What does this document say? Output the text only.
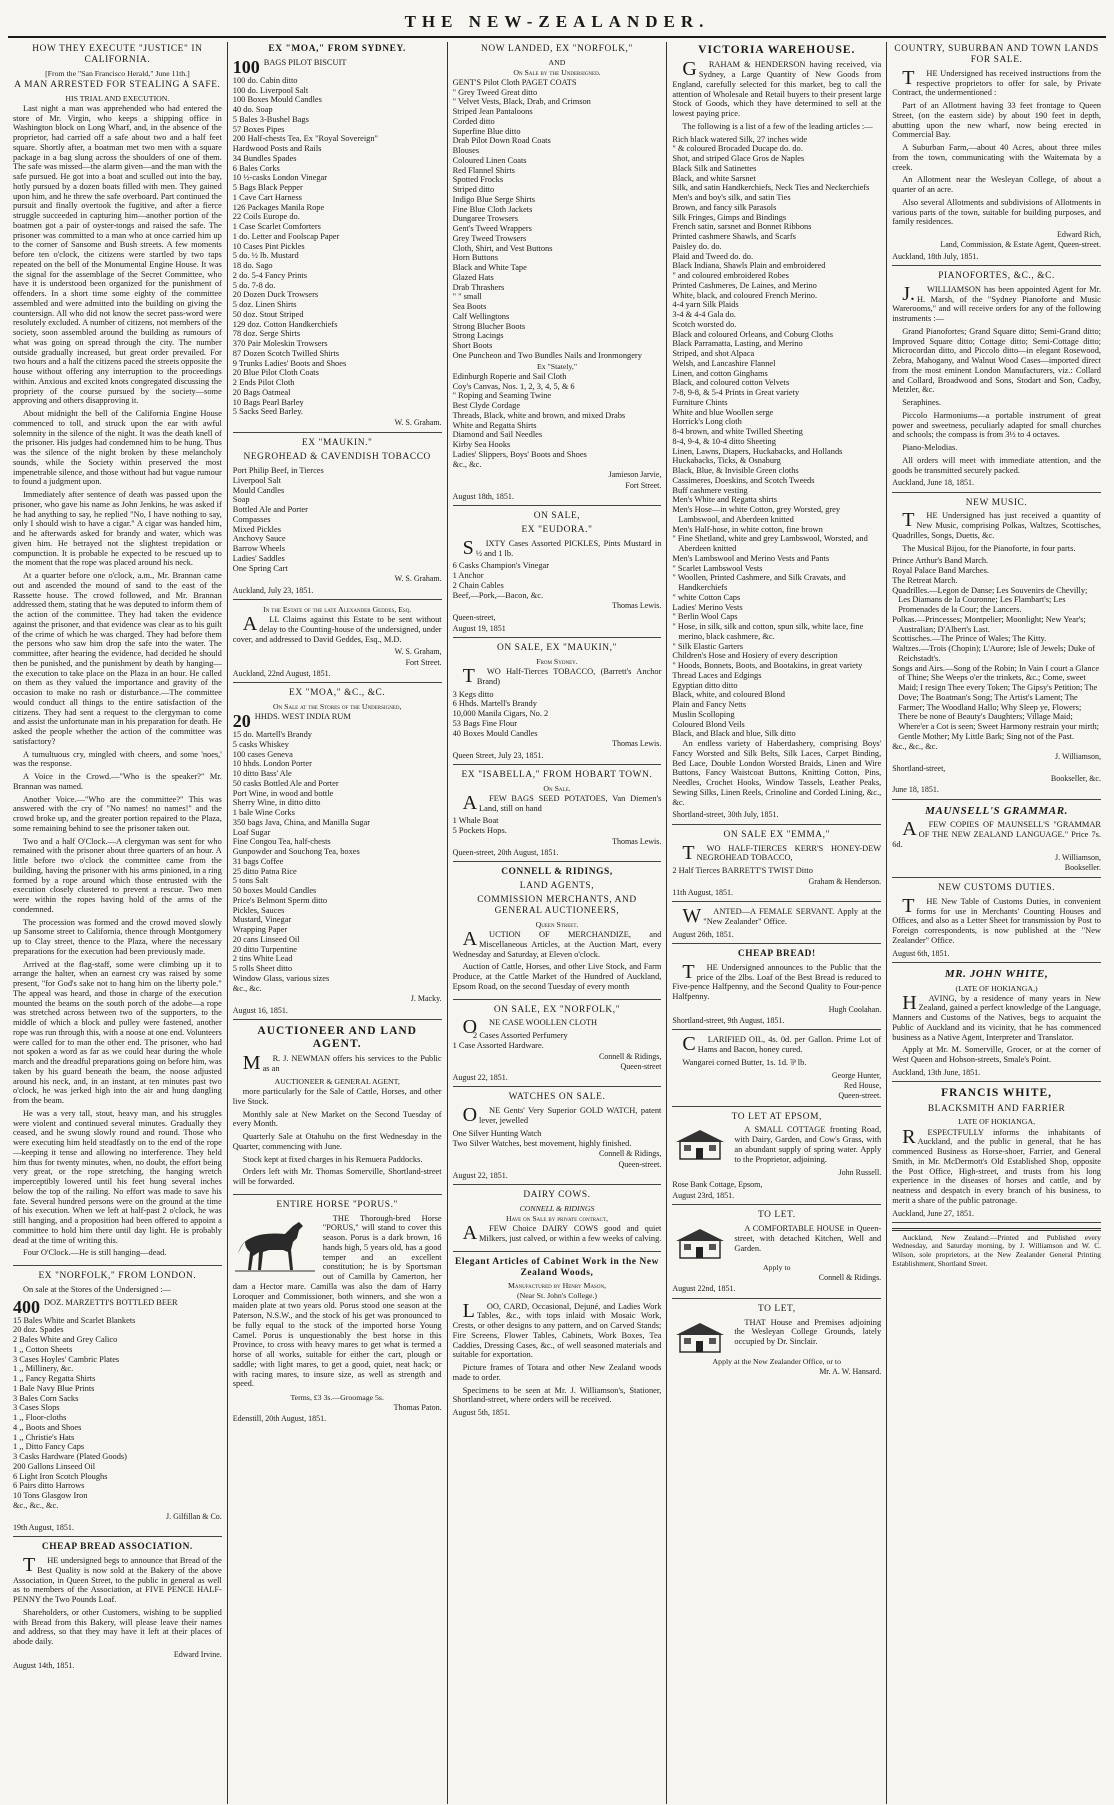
THE NEW-ZEALANDER.
HOW THEY EXECUTE "JUSTICE" IN CALIFORNIA.
[From the "San Francisco Herald," June 11th.]
A MAN ARRESTED FOR STEALING A SAFE.
HIS TRIAL AND EXECUTION.

Last night a man was apprehended who had entered the store of Mr. Virgin, who keeps a shipping office in Washington block on Long Wharf, and, in the absence of the proprietor, had carried off a safe about two and a half feet square. Shortly after, a boatman met two men with a square package in a bag slung across the shoulders of one of them. The safe was missed—the alarm given—and the man with the safe pursued. He got into a boat and sculled out into the bay, hotly pursued by a dozen boats filled with men. They gained upon him, and he threw the safe overboard. Part continued the pursuit and finally overtook the fugitive, and after a fierce struggle succeeded in capturing him—another portion of the boatmen got a pair of oyster-tongs and raised the safe. The prisoner was committed to a man who at once carried him up to the corner of Sansome and Bush streets. A few moments before ten o'clock, the citizens were startled by two taps repeated on the bell of the Monumental Engine House. It was the signal for the assemblage of the Secret Committee, who have it is understood been organized for the punishment of offenders. In a short time some eighty of the committee assembled and were admitted into the building on giving the countersign. All who did not know the secret pass-word were resolutely excluded. A number of citizens, not members of the society, soon assembled around the building as rumours of what was going on spread through the city. The number outside gradually increased, but great order prevailed. For two hours and a half the citizens paced the streets opposite the house without offering any interruption to the proceedings within. Anxious and excited knots congregated discussing the propriety of the course pursued by the society—some approving and others disapproving it.

About midnight the bell of the California Engine House commenced to toll, and struck upon the ear with awful solemnity in the silence of the night. It was the death knell of the prisoner. His judges had condemned him to be hung. Thus was the silence of the night broken by these melancholy sounds, while the Society within preserved the most impenetrable silence, and those without had but vague rumour to found a judgment upon.

Immediately after sentence of death was passed upon the prisoner, who gave his name as John Jenkins, he was asked if he had anything to say, he replied "No, I have nothing to say, only I should wish to have a cigar." A cigar was handed him, and he afterwards asked for brandy and water, which was given him. He betrayed not the slightest trepidation or compunction. It is probable he expected to be rescued up to the moment that the rope was placed around his neck.

At a quarter before one o'clock, a.m., Mr. Brannan came out and ascended the mound of sand to the east of the Rassette house. The crowd followed, and Mr. Brannan addressed them, stating that he was deputed to inform them of the action of the committee. They had taken the evidence against the prisoner, and that evidence was clear as to his guilt of the crime of which he was charged. They had before them the persons who saw him drop the safe into the water. The committee, after hearing the evidence, had decided he should then be punished, and the punishment by death by hanging—the execution to take place on the Plaza in an hour. He called on them as they valued the importance and gravity of the occasion to make no rash or disturbance.—The committee would conduct all things to the entire satisfaction of the citizens. They had sent a request to the clergyman to come and assist the unfortunate man in his preparation for death. He asked the people whether the action of the committee was satisfactory?

A tumultuous cry, mingled with cheers, and some 'noes,' was the response.

A Voice in the Crowd.—"Who is the speaker?" Mr. Brannan was named.

Another Voice.—"Who are the committee?" This was answered with the cry of "No names! no names!" and the crowd broke up, and the greater portion repaired to the Plaza, some remaining behind to see the prisoner taken out.

Two and a half O'Clock.—A clergyman was sent for who remained with the prisoner about three quarters of an hour. A little before two o'clock the committee came from the building, having the prisoner with his arms pinioned, in a ring formed by a rope around which those entrusted with the execution closely clustered to prevent a rescue. Two men were within the ropes having hold of the arms of the condemned.

The procession was formed and the crowd moved slowly up Sansome street to California, thence through Montgomery up to Clay street, thence to the Plaza, where the necessary preparations for the execution had been previously made.

Arrived at the flag-staff, some were climbing up it to arrange the halter, when an earnest cry was raised by some present, "for God's sake not to hang him on the liberty pole." The appeal was heard, and those in charge of the execution mounted the beams on the south porch of the adobe—a rope was stretched across between two of the supporters, to the middle of which a block and pulley were fastened, another rope was run through this, with a noose at one end. Volunteers were called for to man the other end. The prisoner, who had not spoken a word as far as we could hear during the whole march and the dreadful preparations going on before him, was taken by his guard beneath the beam, the noose adjusted around his neck, and, in an instant, at ten minutes past two o'clock, he was jerked high into the air and hung dangling from the beam.

He was a very tall, stout, heavy man, and his struggles were violent and continued several minutes. Gradually they ceased, and he swung slowly round and round. Those who were executing him held steadfastly on to the end of the rope—keeping it tense and allowing no interference. They held him thus for twenty minutes, when, no doubt, the effort being very great, or the rope stretching, the hanging wretch imperceptibly lowered until his feet hung several inches below the top of the railing. No effort was made to save his fate. Several hundred persons were on the ground at the time of his execution. When we left at half-past 2 o'clock, he was still hanging, and a proposition had been offered to appoint a committee to hold him there until day light. He is probably dead at the time of writing this.

Four O'Clock.—He is still hanging—dead.

EX "NORFOLK," FROM LONDON.

On sale at the Stores of the Undersigned :—

400 DOZ. MARZETTI'S BOTTLED BEER
15 Bales White and Scarlet Blankets
20 doz. Spades
2 Bales White and Grey Calico
1 ,, Cotton Sheets
3 Cases Hoyles' Cambric Plates
1 ,, Millinery, &c.
1 ,, Fancy Regatta Shirts
1 Bale Navy Blue Prints
3 Bales Corn Sacks
3 Cases Slops
1 ,, Floor-cloths
4 ,, Boots and Shoes
1 ,, Christie's Hats
1 ,, Ditto Fancy Caps
3 Casks Hardware (Plated Goods)
200 Gallons Linseed Oil
6 Light Iron Scotch Ploughs
6 Pairs ditto Harrows
10 Tons Glasgow Iron
&c., &c., &c.
J. Gilfillan & Co.
19th August, 1851.
CHEAP BREAD ASSOCIATION.

THE undersigned begs to announce that Bread of the Best Quality is now sold at the Bakery of the above Association, in Queen Street, to the public in general as well as to members of the Association, at FIVE PENCE HALF-PENNY the Two Pounds Loaf.

Shareholders, or other Customers, wishing to be supplied with Bread from this Bakery, will please leave their names and address, so that they may have it left at their places of abode daily.

Edward Irvine.
August 14th, 1851.
EX "MOA," FROM SYDNEY.
100 BAGS PILOT BISCUIT
100 do. Cabin ditto
100 do. Liverpool Salt
100 Boxes Mould Candles
40 do. Soap
5 Bales 3-Bushel Bags
57 Boxes Pipes
200 Half-chests Tea, Ex "Royal Sovereign"
Hardwood Posts and Rails
34 Bundles Spades
6 Bales Corks
10 ½-casks London Vinegar
5 Bags Black Pepper
1 Cave Cart Harness
126 Packages Manila Rope
22 Coils Europe do.
1 Case Scarlet Comforters
1 do. Letter and Foolscap Paper
10 Cases Pint Pickles
5 do. ½ lb. Mustard
18 do. Sago
2 do. 5-4 Fancy Prints
5 do. 7-8 do.
20 Dozen Duck Trowsers
5 doz. Linen Shirts
50 doz. Stout Striped
129 doz. Cotton Handkerchiefs
78 doz. Serge Shirts
370 Pair Moleskin Trowsers
87 Dozen Scotch Twilled Shirts
9 Trunks Ladies' Boots and Shoes
20 Blue Pilot Cloth Coats
2 Ends Pilot Cloth
20 Bags Oatmeal
10 Bags Pearl Barley
5 Sacks Seed Barley.
W. S. Graham.
EX "MAUKIN."
NEGROHEAD & CAVENDISH TOBACCO
Port Philip Beef, in Tierces
Liverpool Salt
Mould Candles
Soap
Bottled Ale and Porter
Compasses
Mixed Pickles
Anchovy Sauce
Barrow Wheels
Ladies' Saddles
One Spring Cart
W. S. Graham.
Auckland, July 23, 1851.
In the Estate of the late Alexander Geddes, Esq.

ALL Claims against this Estate to be sent without delay to the Counting-house of the undersigned, under cover, and addressed to David Geddes, Esq., M.D.

W. S. Graham,
Fort Street.
Auckland, 22nd August, 1851.
EX "MOA," &C., &C.
On Sale at the Stores of the Undersigned,
20 HHDS. WEST INDIA RUM
15 do. Martell's Brandy
5 casks Whiskey
100 cases Geneva
10 hhds. London Porter
10 ditto Bass' Ale
50 casks Bottled Ale and Porter
Port Wine, in wood and bottle
Sherry Wine, in ditto ditto
1 bale Wine Corks
350 bags Java, China, and Manilla Sugar
Loaf Sugar
Fine Congou Tea, half-chests
Gunpowder and Souchong Tea, boxes
31 bags Coffee
25 ditto Patna Rice
5 tons Salt
50 boxes Mould Candles
Price's Belmont Sperm ditto
Pickles, Sauces
Mustard, Vinegar
Wrapping Paper
20 cans Linseed Oil
20 ditto Turpentine
2 tins White Lead
5 rolls Sheet ditto
Window Glass, various sizes
&c., &c.
J. Macky.
August 16, 1851.
AUCTIONEER AND LAND AGENT.

MR. J. NEWMAN offers his services to the Public as an

AUCTIONEER & GENERAL AGENT,

more particularly for the Sale of Cattle, Horses, and other live Stock.

Monthly sale at New Market on the Second Tuesday of every Month.

Quarterly Sale at Otahuhu on the first Wednesday in the Quarter, commencing with June.

Stock kept at fixed charges in his Remuera Paddocks.

Orders left with Mr. Thomas Somerville, Shortland-street will be forwarded.

ENTIRE HORSE "PORUS."

THE Thorough-bred Horse "PORUS," will stand to cover this season. Porus is a dark brown, 16 hands high, 5 years old, has a good temper and an excellent constitution; he is by Sportsman out of Camilla by Camerton, her dam a Hector mare. Camilla was also the dam of Harry Loroquer and Commissioner, both winners, and she won a maiden plate at two years old. Porus stood one season at the Paterson, N.S.W., and the stock of his get was pronounced to be fully equal to the stock of the imported horse Young Camel. Porus is unquestionably the best horse in this Province, to cross with heavy mares to get what is termed a horse of all works, suitable for either the cart, plough or saddle; with light mares, to get a good, quiet, neat hack; or with racing mares, to insure size, as well as strength and speed.

Terms, £3 3s.—Groomage 5s.
Thomas Paton.
Edenstill, 20th August, 1851.
NOW LANDED, EX "NORFOLK,"
AND
On Sale by the Undersigned.
GENT'S Pilot Cloth PAGET COATS
" Grey Tweed Great ditto
" Velvet Vests, Black, Drab, and Crimson
Striped Jean Pantaloons
Corded ditto
Superfine Blue ditto
Drab Pilot Down Road Coats
Blouses
Coloured Linen Coats
Red Flannel Shirts
Spotted Frocks
Striped ditto
Indigo Blue Serge Shirts
Fine Blue Cloth Jackets
Dungaree Trowsers
Gent's Tweed Wrappers
Grey Tweed Trowsers
Cloth, Shirt, and Vest Buttons
Horn Buttons
Black and White Tape
Glazed Hats
Drab Thrashers
" " small
Sea Boots
Calf Wellingtons
Strong Blucher Boots
Strong Lacings
Short Boots
One Puncheon and Two Bundles Nails and Ironmongery
Ex "Stately,"
Edinburgh Roperie and Sail Cloth
Coy's Canvas, Nos. 1, 2, 3, 4, 5, & 6
" Roping and Seaming Twine
Best Clyde Cordage
Threads, Black, white and brown, and mixed Drabs
White and Regatta Shirts
Diamond and Sail Needles
Kirby Sea Hooks
Ladies' Slippers, Boys' Boots and Shoes
&c., &c.
Jamieson Jarvie,
Fort Street.
August 18th, 1851.
ON SALE,
EX "EUDORA."

SIXTY Cases Assorted PICKLES, Pints Mustard in ½ and 1 lb.

6 Casks Champion's Vinegar
1 Anchor
2 Chain Cables
Beef,—Pork,—Bacon, &c.
Thomas Lewis.
Queen-street,
August 19, 1851
ON SALE, EX "MAUKIN,"
From Sydney.

TWO Half-Tierces TOBACCO, (Barrett's Anchor Brand)

3 Kegs ditto
6 Hhds. Martell's Brandy
10,000 Manila Cigars, No. 2
53 Bags Fine Flour
40 Boxes Mould Candles
Thomas Lewis.
Queen Street, July 23, 1851.
EX "ISABELLA," FROM HOBART TOWN.
On Sale.

AFEW BAGS SEED POTATOES, Van Diemen's Land, still on hand

1 Whale Boat
5 Pockets Hops.
Thomas Lewis.
Queen-street, 20th August, 1851.
CONNELL & RIDINGS,
LAND AGENTS,
COMMISSION MERCHANTS, AND GENERAL AUCTIONEERS,
Queen Street.

AUCTION OF MERCHANDIZE, and Miscellaneous Articles, at the Auction Mart, every Wednesday and Saturday, at Eleven o'clock.

Auction of Cattle, Horses, and other Live Stock, and Farm Produce, at the Cattle Market of the Hundred of Auckland, Epsom Road, on the second Tuesday of every month

ON SALE, EX "NORFOLK,"

ONE CASE WOOLLEN CLOTH

2 Cases Assorted Perfumery
1 Case Assorted Hardware.
Connell & Ridings,
Queen-street
August 22, 1851.
WATCHES ON SALE.

ONE Gents' Very Superior GOLD WATCH, patent lever, jewelled

One Silver Hunting Watch
Two Silver Watches, best movement, highly finished.
Connell & Ridings,
Queen-street.
August 22, 1851.
DAIRY COWS.
CONNELL & RIDINGS
Have on Sale by private contract,

AFEW Choice DAIRY COWS good and quiet Milkers, just calved, or within a few weeks of calving.

Elegant Articles of Cabinet Work in the New Zealand Woods,
Manufactured by Henry Mason,
(Near St. John's College.)

LOO, CARD, Occasional, Dejuné, and Ladies Work Tables, &c., with tops inlaid with Mosaic Work, Crests, or other designs to any pattern, and on Carved Stands; Fire Screens, Flower Tables, Cabinets, Work Boxes, Tea Caddies, Dressing Cases, &c., of well seasoned materials and suitable for exportation.

Picture frames of Totara and other New Zealand woods made to order.

Specimens to be seen at Mr. J. Williamson's, Stationer, Shortland-street, where orders will be received.

August 5th, 1851.
VICTORIA WAREHOUSE.

GRAHAM & HENDERSON having received, via Sydney, a Large Quantity of New Goods from England, carefully selected for this market, beg to call the attention of Wholesale and Retail buyers to their present large Stock of Goods, which they have determined to sell at the lowest paying price.

The following is a list of a few of the leading articles :—

Rich black watered Silk, 27 inches wide
" & coloured Brocaded Ducape do. do.
Shot, and striped Glace Gros de Naples
Black Silk and Satinettes
Black, and white Sarsnet
Silk, and satin Handkerchiefs, Neck Ties and Neckerchiefs
Men's and boy's silk, and satin Ties
Brown, and fancy silk Parasols
Silk Fringes, Gimps and Bindings
French satin, sarsnet and Bonnet Ribbons
Printed cashmere Shawls, and Scarfs
Paisley do. do.
Plaid and Tweed do. do.
Black Indiana, Shawls Plain and embroidered
" and coloured embroidered Robes
Printed Cashmeres, De Laines, and Merino
White, black, and coloured French Merino.
4-4 yarn Silk Plaids
3-4 & 4-4 Gala do.
Scotch worsted do.
Black and coloured Orleans, and Coburg Cloths
Black Parramatta, Lasting, and Merino
Striped, and shot Alpaca
Welsh, and Lancashire Flannel
Linen, and cotton Ginghams
Black, and coloured cotton Velvets
7-8, 9-8, & 5-4 Prints in Great variety
Furniture Chints
White and blue Woollen serge
Horrick's Long cloth
8-4 brown, and white Twilled Sheeting
8-4, 9-4, & 10-4 ditto Sheeting
Linen, Lawns, Diapers, Huckabacks, and Hollands
Huckabacks, Ticks, & Osnaburg
Black, Blue, & Invisible Green cloths
Cassimeres, Doeskins, and Scotch Tweeds
Buff cashmere vesting
Men's White and Regatta shirts
Men's Hose—in white Cotton, grey Worsted, grey Lambswool, and Aberdeen knitted
Men's Half-hose, in white cotton, fine brown
" Fine Shetland, white and grey Lambswool, Worsted, and Aberdeen knitted
Men's Lambswool and Merino Vests and Pants
" Scarlet Lambswool Vests
" Woollen, Printed Cashmere, and Silk Cravats, and Handkerchiefs
" white Cotton Caps
Ladies' Merino Vests
" Berlin Wool Caps
" Hose, in silk, silk and cotton, spun silk, white lace, fine merino, black cashmere, &c.
" Silk Elastic Garters
Children's Hose and Hosiery of every description
" Hoods, Bonnets, Boots, and Bootakins, in great variety
Thread Laces and Edgings
Egyptian ditto ditto
Black, white, and coloured Blond
Plain and Fancy Netts
Muslin Scolloping
Coloured Blond Veils
Black, and Black and blue, Silk ditto

An endless variety of Haberdashery, comprising Boys' Fancy Worsted and Silk Belts, Silk Laces, Carpet Binding, Bed Lace, Double London Worsted Braids, Linen and Wire Buttons, Fancy Waistcoat Buttons, Knitting Cotton, Pins, Needles, Crochet Hooks, Window Tassels, Leather Peaks, Sewing Silks, Linen Reels, Crinoline and Corded Lining, &c., &c.

Shortland-street, 30th July, 1851.
ON SALE EX "EMMA,"

TWO HALF-TIERCES KERR'S HONEY-DEW NEGROHEAD TOBACCO,

2 Half Tierces BARRETT'S TWIST Ditto
Graham & Henderson.
11th August, 1851.

WANTED—A FEMALE SERVANT. Apply at the "New Zealander" Office.

August 26th, 1851.
CHEAP BREAD!

THE Undersigned announces to the Public that the price of the 2lbs. Loaf of the Best Bread is reduced to Five-pence Halfpenny, and the Second Quality to Four-pence Halfpenny.

Hugh Coolahan.
Shortland-street, 9th August, 1851.

CLARIFIED OIL, 4s. 0d. per Gallon. Prime Lot of Hams and Bacon, honey cured.

Wangarei corned Butter, 1s. 1d. ⅌ lb.

George Hunter,
Red House,
Queen-street.
TO LET AT EPSOM,

A SMALL COTTAGE fronting Road, with Dairy, Garden, and Cow's Grass, with an abundant supply of spring water. Apply to the Proprietor, adjoining.

John Russell.
Rose Bank Cottage, Epsom,
August 23rd, 1851.
TO LET.

A COMFORTABLE HOUSE in Queen-street, with detached Kitchen, Well and Garden.

Apply to
Connell & Ridings.
August 22nd, 1851.
TO LET,

THAT House and Premises adjoining the Wesleyan College Grounds, lately occupied by Dr. Sinclair.

Apply at the New Zealander Office, or to
Mr. A. W. Hansard.
COUNTRY, SUBURBAN AND TOWN LANDS FOR SALE.

THE Undersigned has received instructions from the respective proprietors to offer for sale, by Private Contract, the undermentioned :

Part of an Allotment having 33 feet frontage to Queen Street, (on the eastern side) by about 190 feet in depth, abutting upon the new wharf, now being erected in Commercial Bay.

A Suburban Farm,—about 40 Acres, about three miles from the town, communicating with the Waitemata by a creek.

An Allotment near the Wesleyan College, of about a quarter of an acre.

Also several Allotments and subdivisions of Allotments in various parts of the town, suitable for building purposes, and family residences.

Edward Rich,
Land, Commission, & Estate Agent, Queen-street.
Auckland, 18th July, 1851.
PIANOFORTES, &C., &C.

J.WILLIAMSON has been appointed Agent for Mr. H. Marsh, of the "Sydney Pianoforte and Music Warerooms," and will receive orders for any of the following instruments :—

Grand Pianofortes; Grand Square ditto; Semi-Grand ditto; Improved Square ditto; Cottage ditto; Semi-Cottage ditto; Microcordan ditto, and Piccolo ditto—in elegant Rosewood, Zebra, Mahogany, and Walnut Wood Cases—imported direct from the most eminent London Manufacturers, viz.: Collard and Collard, Broadwood and Sons, Stodart and Son, Cadby, Metzler, &c.

Seraphines.

Piccolo Harmoniums—a portable instrument of great power and sweetness, peculiarly adapted for small churches and schools; the compass is from 3½ to 4 octaves.

Piano-Melodias.

All orders will meet with immediate attention, and the goods be transmitted securely packed.

Auckland, June 18, 1851.
NEW MUSIC.

THE Undersigned has just received a quantity of New Music, comprising Polkas, Waltzes, Scottisches, Quadrilles, Songs, Duetts, &c.

The Musical Bijou, for the Pianoforte, in four parts.

Prince Arthur's Band March.
Royal Palace Band Marches.
The Retreat March.
Quadrilles.—Legon de Danse; Les Souvenirs de Chevilly; Les Diamans de la Couronne; Les Flambart's; Les Promenades de la Cour; the Lancers.
Polkas.—Princesses; Montpelier; Moonlight; New Year's; Australian; D'Albert's Last.
Scottisches.—The Prince of Wales; The Kitty.
Waltzes.—Trois (Chopin); L'Aurore; Isle of Jewels; Duke of Reichstadt's.
Songs and Airs.—Song of the Robin; In Vain I court a Glance of Thine; She Weeps o'er the trinkets, &c.; Come, sweet Maid; I resign Thee every Token; The Gipsy's Petition; The Dove; The Boatman's Song; The Artist's Lament; The Farmer; The Woodland Hallo; Why Sleep ye, Flowers; There be none of Beauty's Daughters; Village Maid; Where'er a Cot is seen; Sweet Harmony restrain your mirth; Gentle Mother; My Little Bark; Sing not of the Past.
&c., &c., &c.
J. Williamson,
Shortland-street,
Bookseller, &c.
June 18, 1851.
MAUNSELL'S GRAMMAR.

AFEW COPIES OF MAUNSELL'S "GRAMMAR OF THE NEW ZEALAND LANGUAGE." Price 7s. 6d.

J. Williamson,
Bookseller.
NEW CUSTOMS DUTIES.

THE New Table of Customs Duties, in convenient forms for use in Merchants' Counting Houses and Offices, and also as a Letter Sheet for transmission by Post to Foreign correspondents, is now published at the "New Zealander" Office.

August 6th, 1851.
MR. JOHN WHITE,
(LATE OF HOKIANGA,)

HAVING, by a residence of many years in New Zealand, gained a perfect knowledge of the Language, Manners and Customs of the Natives, begs to acquaint the Public of Auckland and its vicinity, that he has commenced business as a Native Agent, Interpreter and Translator.

Apply at Mr. M. Somerville, Grocer, or at the corner of West Queen and Hobson-streets, Smale's Point.

Auckland, 13th June, 1851.
FRANCIS WHITE,
BLACKSMITH AND FARRIER
LATE OF HOKIANGA,

RESPECTFULLY informs the inhabitants of Auckland, and the public in general, that he has commenced Business as Horse-shoer, Farrier, and General Smith, in Mr. McDermott's Old Established Shop, opposite the Post Office, High-street, and trusts from his long experience in the diseases of horses and cattle, and by neatness and despatch in every branch of his business, to merit a share of the public patronage.

Auckland, June 27, 1851.

Auckland, New Zealand:—Printed and Published every Wednesday, and Saturday morning, by J. Williamson and W. C. Wilson, sole proprietors, at the New Zealander General Printing Establishment, Shortland Street.
